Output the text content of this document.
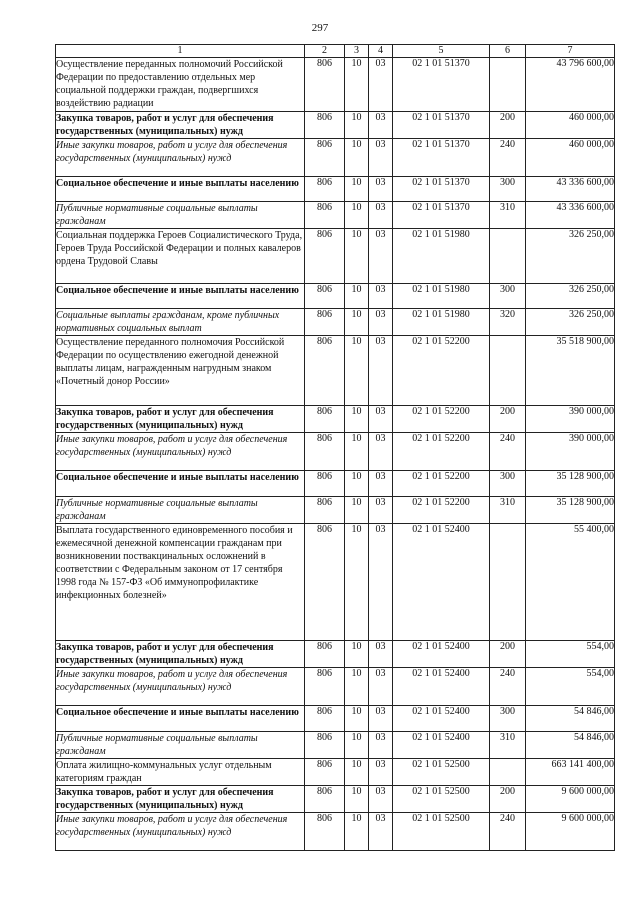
297
1	2	3	4	5	6	7
Осуществление переданных полномочий Российской Федерации по предоставлению отдельных мер социальной поддержки граждан, подвергшихся воздействию радиации	806	10	03	02 1 01 51370		43 796 600,00
Закупка товаров, работ и услуг для обеспечения государственных (муниципальных) нужд	806	10	03	02 1 01 51370	200	460 000,00
Иные закупки товаров, работ и услуг для обеспечения государственных (муниципальных) нужд	806	10	03	02 1 01 51370	240	460 000,00
Социальное обеспечение и иные выплаты населению	806	10	03	02 1 01 51370	300	43 336 600,00
Публичные нормативные социальные выплаты гражданам	806	10	03	02 1 01 51370	310	43 336 600,00
Социальная поддержка Героев Социалистического Труда, Героев Труда Российской Федерации и полных кавалеров ордена Трудовой Славы	806	10	03	02 1 01 51980		326 250,00
Социальное обеспечение и иные выплаты населению	806	10	03	02 1 01 51980	300	326 250,00
Социальные выплаты гражданам, кроме публичных нормативных социальных выплат	806	10	03	02 1 01 51980	320	326 250,00
Осуществление переданного полномочия Российской Федерации по осуществлению ежегодной денежной выплаты лицам, награжденным нагрудным знаком «Почетный донор России»	806	10	03	02 1 01 52200		35 518 900,00
Закупка товаров, работ и услуг для обеспечения государственных (муниципальных) нужд	806	10	03	02 1 01 52200	200	390 000,00
Иные закупки товаров, работ и услуг для обеспечения государственных (муниципальных) нужд	806	10	03	02 1 01 52200	240	390 000,00
Социальное обеспечение и иные выплаты населению	806	10	03	02 1 01 52200	300	35 128 900,00
Публичные нормативные социальные выплаты гражданам	806	10	03	02 1 01 52200	310	35 128 900,00
Выплата государственного единовременного пособия и ежемесячной денежной компенсации гражданам при возникновении поствакцинальных осложнений в соответствии с Федеральным законом от 17 сентября 1998 года № 157-ФЗ «Об иммунопрофилактике инфекционных болезней»	806	10	03	02 1 01 52400		55 400,00
Закупка товаров, работ и услуг для обеспечения государственных (муниципальных) нужд	806	10	03	02 1 01 52400	200	554,00
Иные закупки товаров, работ и услуг для обеспечения государственных (муниципальных) нужд	806	10	03	02 1 01 52400	240	554,00
Социальное обеспечение и иные выплаты населению	806	10	03	02 1 01 52400	300	54 846,00
Публичные нормативные социальные выплаты гражданам	806	10	03	02 1 01 52400	310	54 846,00
Оплата жилищно-коммунальных услуг отдельным категориям граждан	806	10	03	02 1 01 52500		663 141 400,00
Закупка товаров, работ и услуг для обеспечения государственных (муниципальных) нужд	806	10	03	02 1 01 52500	200	9 600 000,00
Иные закупки товаров, работ и услуг для обеспечения государственных (муниципальных) нужд	806	10	03	02 1 01 52500	240	9 600 000,00
